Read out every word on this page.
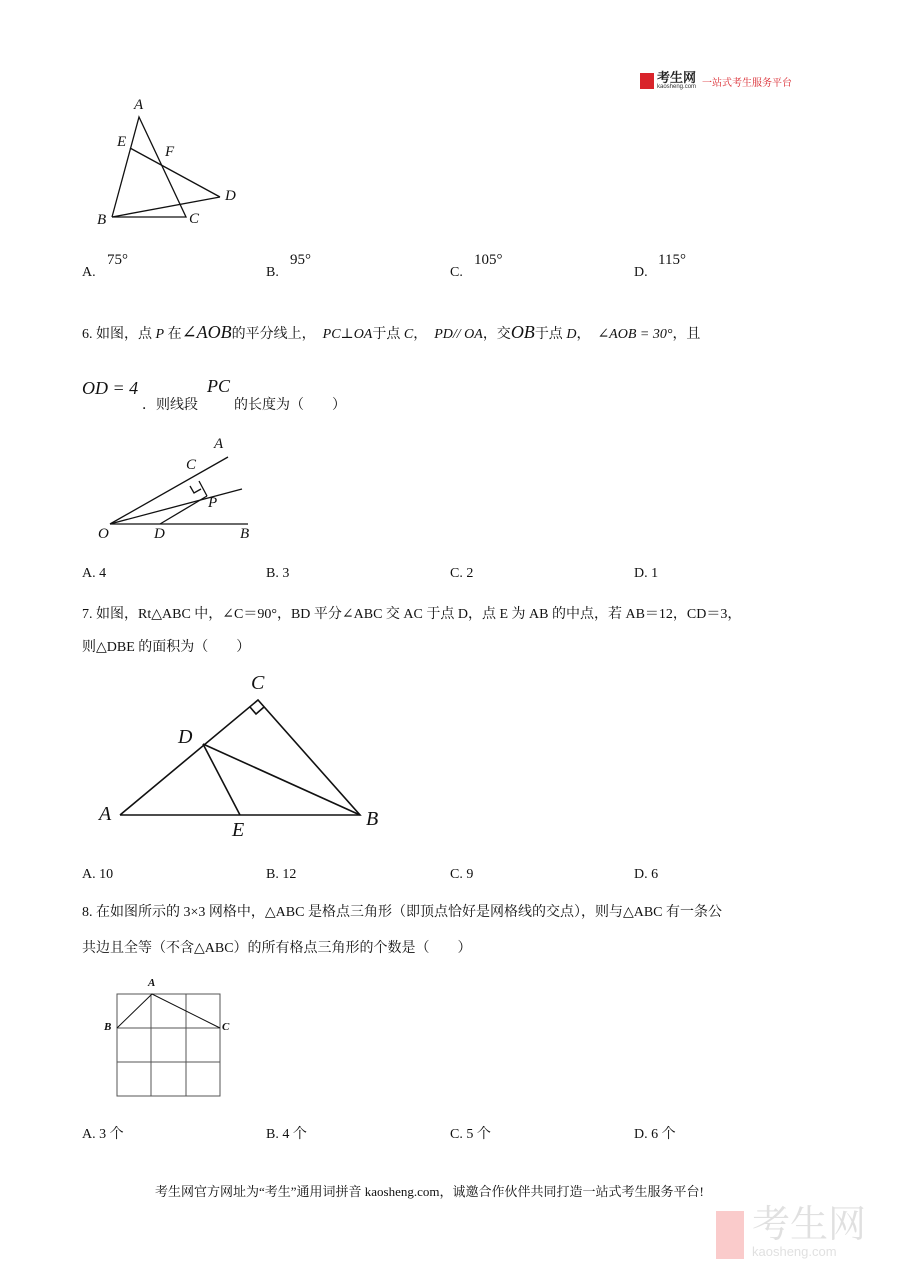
考生网
kaosheng.com 一站式考生服务平台
A
E
F
D
B	C
A.
75°
B.
95°
C.
105°
D.
115°
6. 如图，点 P 在∠AOB的平分线上，　 PC⊥OA于点 C，　 PD// OA，交OB于点 D，　 ∠AOB = 30°，且
OD = 4
．则线段
PC
的长度为（　　）
A
C
P
O	D	B
A. 4	B. 3	C. 2	D. 1
7. 如图，Rt△ABC 中，∠C＝90°，BD 平分∠ABC 交 AC 于点 D，点 E 为 AB 的中点，若 AB＝12，CD＝3，
则△DBE 的面积为（　　）
C
D
A
E	B
A. 10	B. 12	C. 9	D. 6
8. 在如图所示的 3×3 网格中，△ABC 是格点三角形（即顶点恰好是网格线的交点），则与△ABC 有一条公
共边且全等（不含△ABC）的所有格点三角形的个数是（　　）
A
B	C
A. 3 个	B. 4 个	C. 5 个	D. 6 个
考生网官方网址为“考生”通用词拼音 kaosheng.com，诚邀合作伙伴共同打造一站式考生服务平台!
考生网
kaosheng.com
